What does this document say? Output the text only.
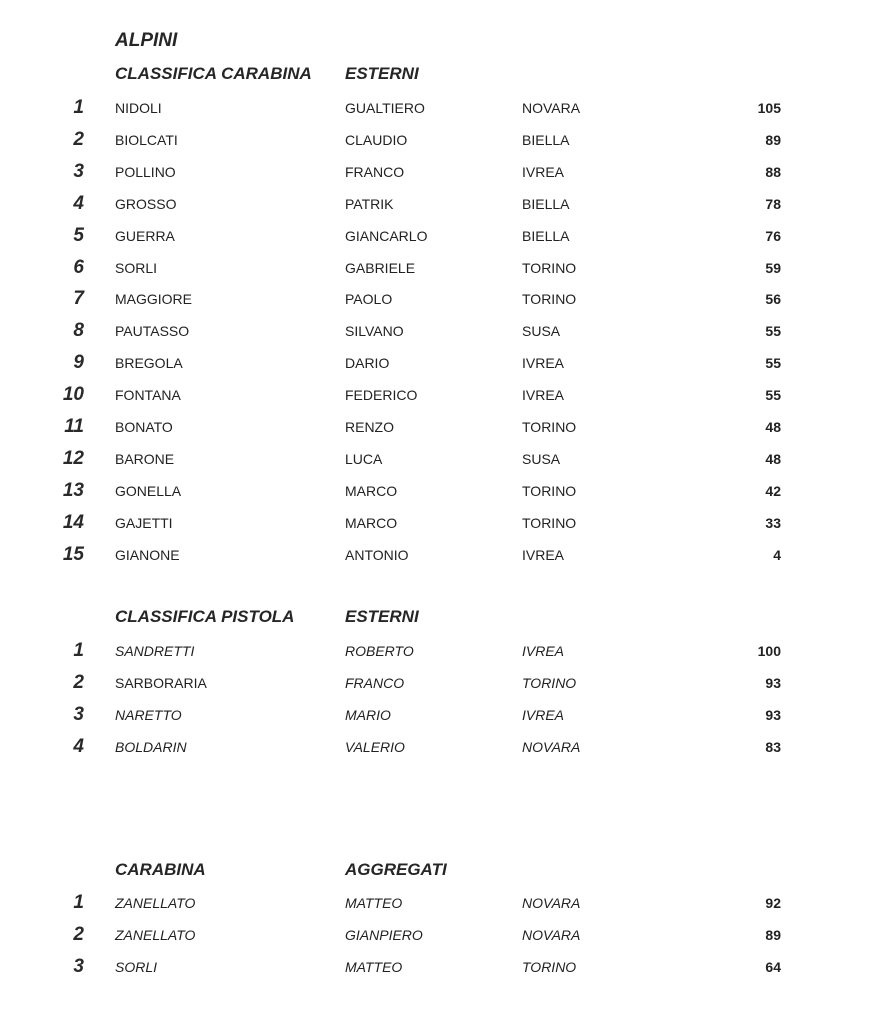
ALPINI
CLASSIFICA CARABINA ESTERNI
1 NIDOLI	GUALTIERO	NOVARA	105
2 BIOLCATI	CLAUDIO	BIELLA	89
3 POLLINO	FRANCO	IVREA	88
4 GROSSO	PATRIK	BIELLA	78
5 GUERRA	GIANCARLO	BIELLA	76
6 SORLI	GABRIELE	TORINO	59
7 MAGGIORE	PAOLO	TORINO	56
8 PAUTASSO	SILVANO	SUSA	55
9 BREGOLA	DARIO	IVREA	55
10 FONTANA	FEDERICO	IVREA	55
11 BONATO	RENZO	TORINO	48
12 BARONE	LUCA	SUSA	48
13 GONELLA	MARCO	TORINO	42
14 GAJETTI	MARCO	TORINO	33
15 GIANONE	ANTONIO	IVREA	4
CLASSIFICA PISTOLA	ESTERNI
1 SANDRETTI	ROBERTO	IVREA	100
2 SARBORARIA	FRANCO	TORINO	93
3 NARETTO	MARIO	IVREA	93
4 BOLDARIN	VALERIO	NOVARA	83
CARABINA	AGGREGATI
1 ZANELLATO	MATTEO	NOVARA	92
2 ZANELLATO	GIANPIERO	NOVARA	89
3 SORLI	MATTEO	TORINO	64
